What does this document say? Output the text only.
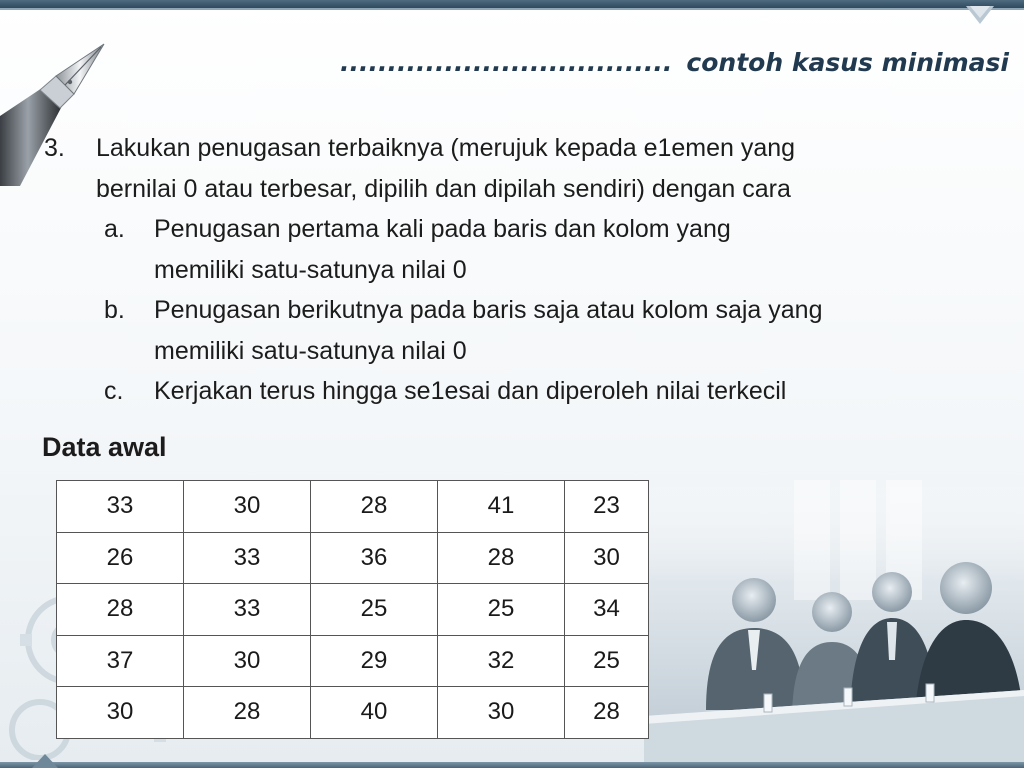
................................... contoh kasus minimasi
3. Lakukan penugasan terbaiknya (merujuk kepada e1emen yang
bernilai 0 atau terbesar, dipilih dan dipilah sendiri) dengan cara
a. Penugasan pertama kali pada baris dan kolom yang
memiliki satu-satunya nilai 0
b. Penugasan berikutnya pada baris saja atau kolom saja yang
memiliki satu-satunya nilai 0
c. Kerjakan terus hingga se1esai dan diperoleh nilai terkecil
Data awal
33	30	28	41	23
26	33	36	28	30
28	33	25	25	34
37	30	29	32	25
30	28	40	30	28
